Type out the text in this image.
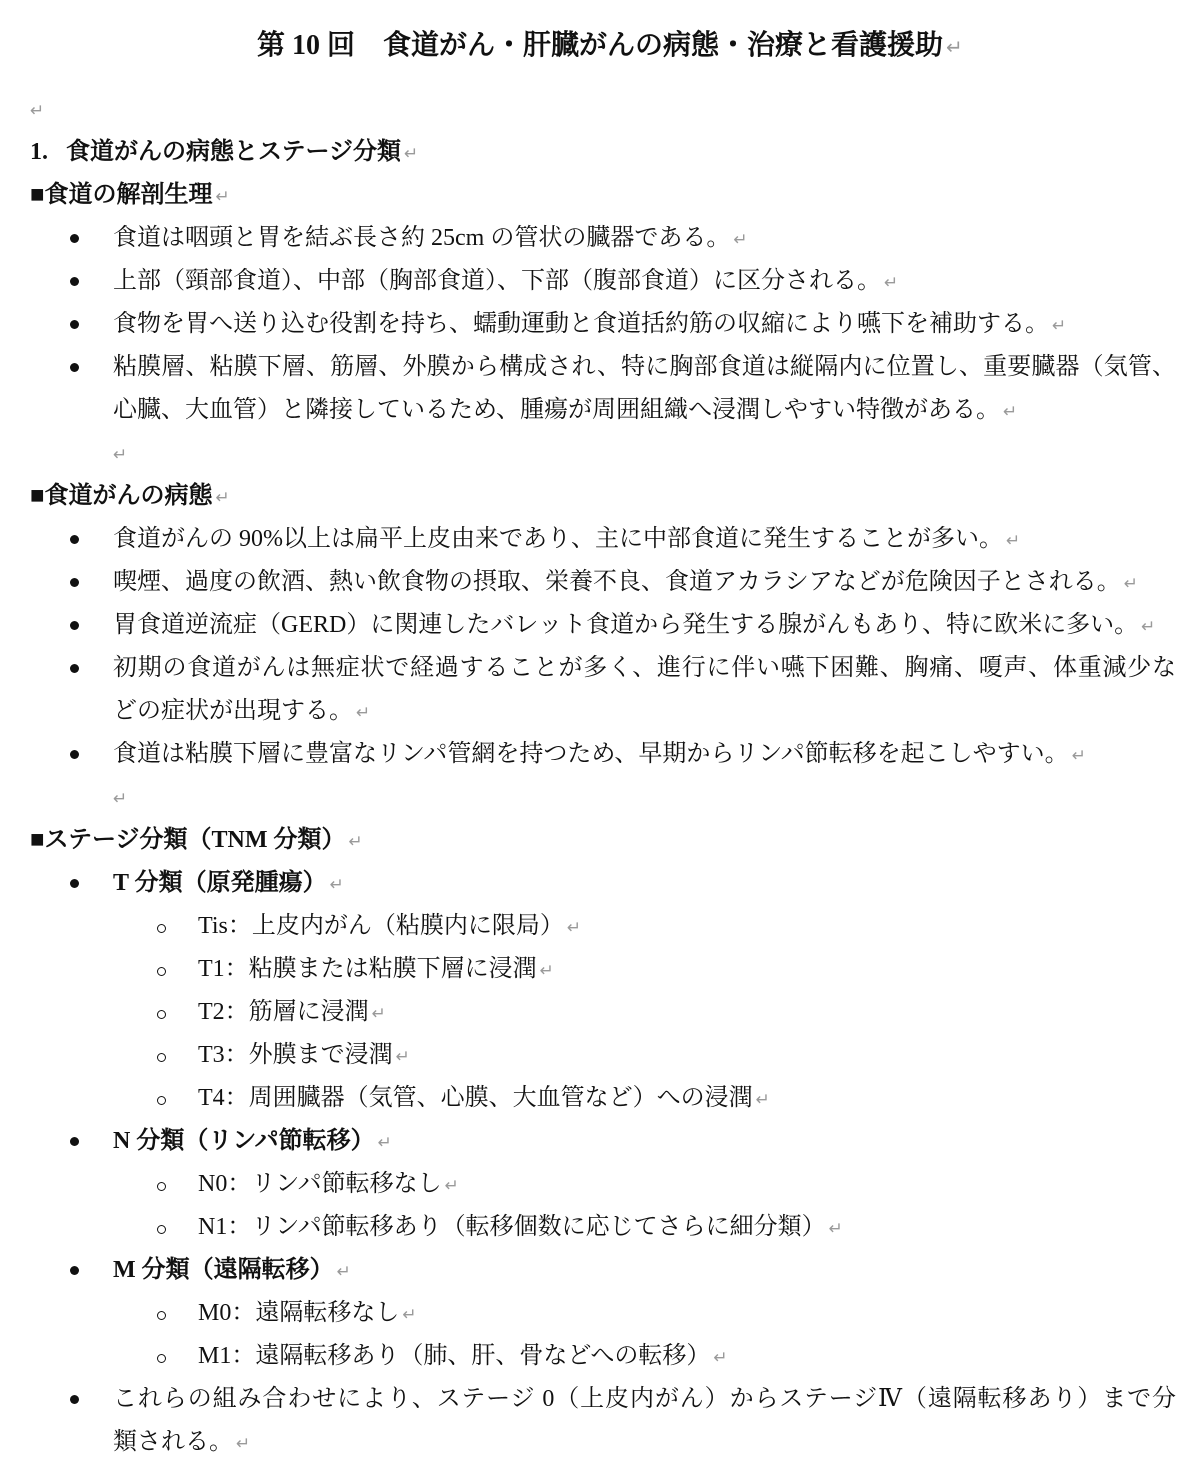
第 10 回　食道がん・肝臓がんの病態・治療と看護援助 ↵
↵
1. 食道がんの病態とステージ分類 ↵
■食道の解剖生理 ↵
食道は咽頭と胃を結ぶ長さ約 25cm の管状の臓器である。 ↵
上部（頸部食道）、中部（胸部食道）、下部（腹部食道）に区分される。 ↵
食物を胃へ送り込む役割を持ち、蠕動運動と食道括約筋の収縮により嚥下を補助する。 ↵
粘膜層、粘膜下層、筋層、外膜から構成され、特に胸部食道は縦隔内に位置し、重要臓器（気管、
心臓、大血管）と隣接しているため、腫瘍が周囲組織へ浸潤しやすい特徴がある。 ↵
↵
■食道がんの病態 ↵
食道がんの 90%以上は扁平上皮由来であり、主に中部食道に発生することが多い。 ↵
喫煙、過度の飲酒、熱い飲食物の摂取、栄養不良、食道アカラシアなどが危険因子とされる。 ↵
胃食道逆流症（GERD）に関連したバレット食道から発生する腺がんもあり、特に欧米に多い。 ↵
初期の食道がんは無症状で経過することが多く、進行に伴い嚥下困難、胸痛、嗄声、体重減少な
どの症状が出現する。 ↵
食道は粘膜下層に豊富なリンパ管網を持つため、早期からリンパ節転移を起こしやすい。 ↵
↵
■ステージ分類（TNM 分類） ↵
T 分類（原発腫瘍） ↵
Tis：上皮内がん（粘膜内に限局） ↵
T1：粘膜または粘膜下層に浸潤 ↵
T2：筋層に浸潤 ↵
T3：外膜まで浸潤 ↵
T4：周囲臓器（気管、心膜、大血管など）への浸潤 ↵
N 分類（リンパ節転移） ↵
N0：リンパ節転移なし ↵
N1：リンパ節転移あり（転移個数に応じてさらに細分類） ↵
M 分類（遠隔転移） ↵
M0：遠隔転移なし ↵
M1：遠隔転移あり（肺、肝、骨などへの転移） ↵
これらの組み合わせにより、ステージ 0（上皮内がん）からステージⅣ（遠隔転移あり）まで分
類される。 ↵
